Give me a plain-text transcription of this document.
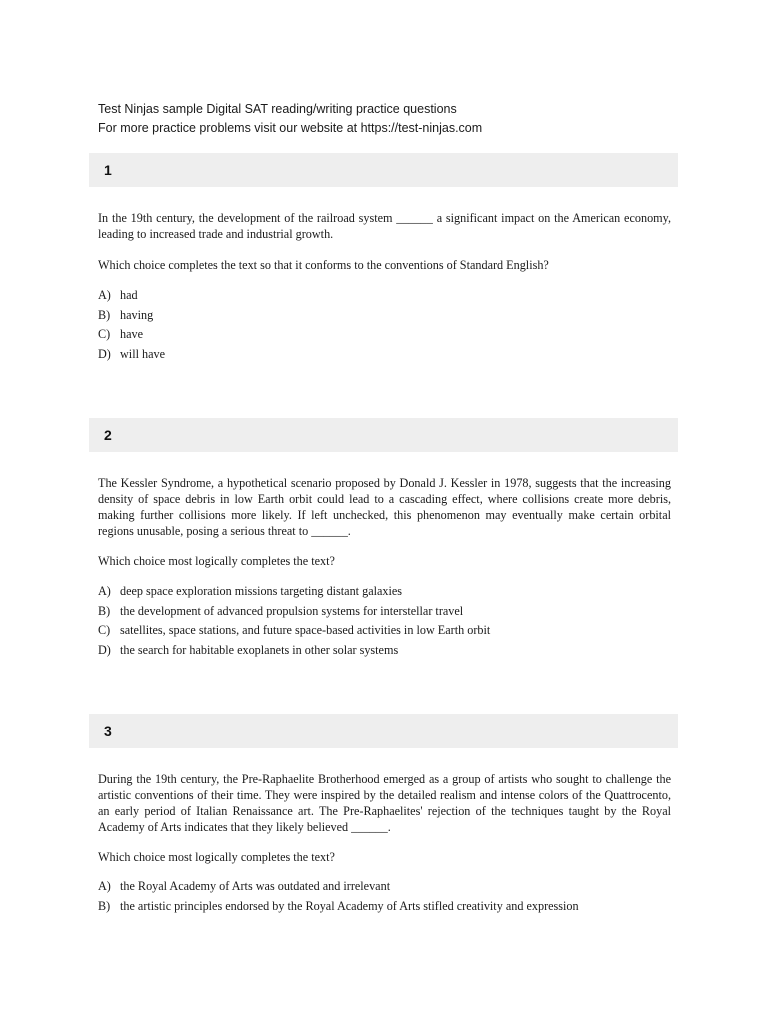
Test Ninjas sample Digital SAT reading/writing practice questions
For more practice problems visit our website at https://test-ninjas.com
1
In the 19th century, the development of the railroad system ______ a significant impact on the American economy, leading to increased trade and industrial growth.
Which choice completes the text so that it conforms to the conventions of Standard English?
A) had
B) having
C) have
D) will have
2
The Kessler Syndrome, a hypothetical scenario proposed by Donald J. Kessler in 1978, suggests that the increasing density of space debris in low Earth orbit could lead to a cascading effect, where collisions create more debris, making further collisions more likely. If left unchecked, this phenomenon may eventually make certain orbital regions unusable, posing a serious threat to ______.
Which choice most logically completes the text?
A) deep space exploration missions targeting distant galaxies
B) the development of advanced propulsion systems for interstellar travel
C) satellites, space stations, and future space-based activities in low Earth orbit
D) the search for habitable exoplanets in other solar systems
3
During the 19th century, the Pre-Raphaelite Brotherhood emerged as a group of artists who sought to challenge the artistic conventions of their time. They were inspired by the detailed realism and intense colors of the Quattrocento, an early period of Italian Renaissance art. The Pre-Raphaelites' rejection of the techniques taught by the Royal Academy of Arts indicates that they likely believed ______.
Which choice most logically completes the text?
A) the Royal Academy of Arts was outdated and irrelevant
B) the artistic principles endorsed by the Royal Academy of Arts stifled creativity and expression
